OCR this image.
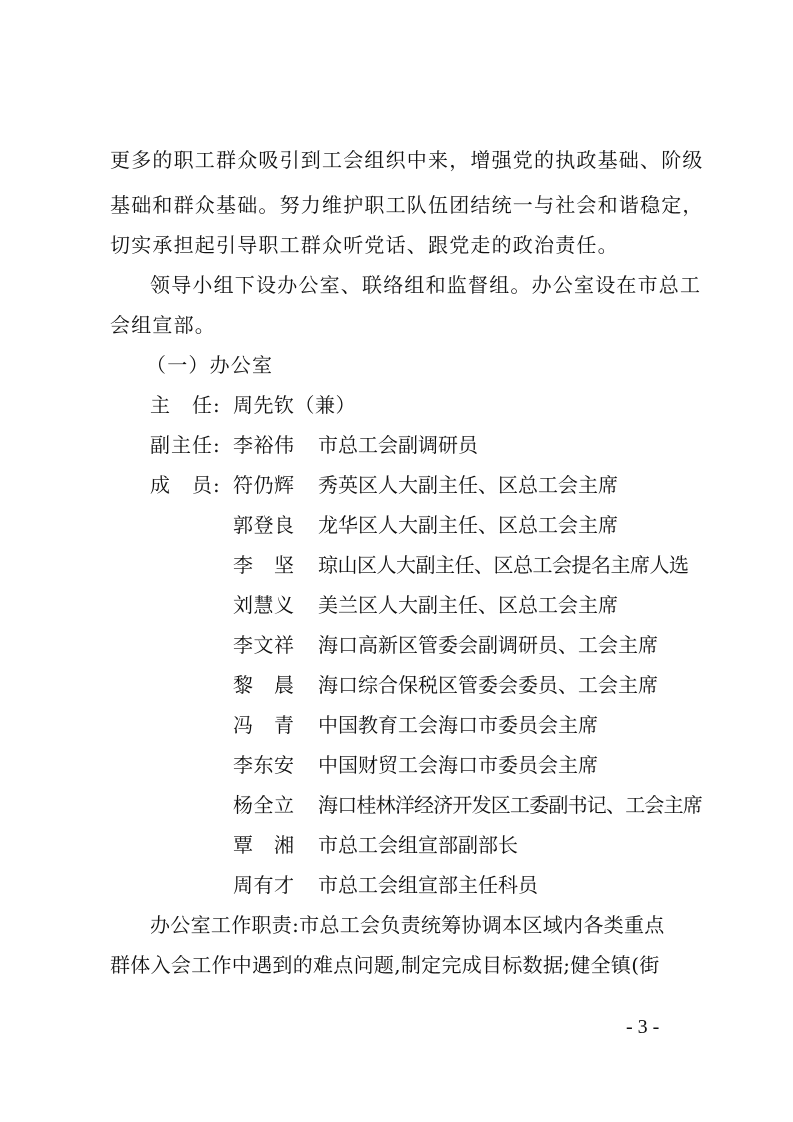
更多的职工群众吸引到工会组织中来，增强党的执政基础、阶级
基础和群众基础。努力维护职工队伍团结统一与社会和谐稳定，
切实承担起引导职工群众听党话、跟党走的政治责任。
领导小组下设办公室、联络组和监督组。办公室设在市总工
会组宣部。
（一）办公室
主　任: 周先钦（兼）
副主任: 李裕伟 市总工会副调研员
成　员: 符仍辉 秀英区人大副主任、区总工会主席
郭登良 龙华区人大副主任、区总工会主席
李　坚 琼山区人大副主任、区总工会提名主席人选
刘慧义 美兰区人大副主任、区总工会主席
李文祥 海口高新区管委会副调研员、工会主席
黎　晨 海口综合保税区管委会委员、工会主席
冯　青 中国教育工会海口市委员会主席
李东安 中国财贸工会海口市委员会主席
杨全立 海口桂林洋经济开发区工委副书记、工会主席
覃　湘 市总工会组宣部副部长
周有才 市总工会组宣部主任科员
办公室工作职责:市总工会负责统筹协调本区域内各类重点
群体入会工作中遇到的难点问题,制定完成目标数据;健全镇(街
- 3 -
